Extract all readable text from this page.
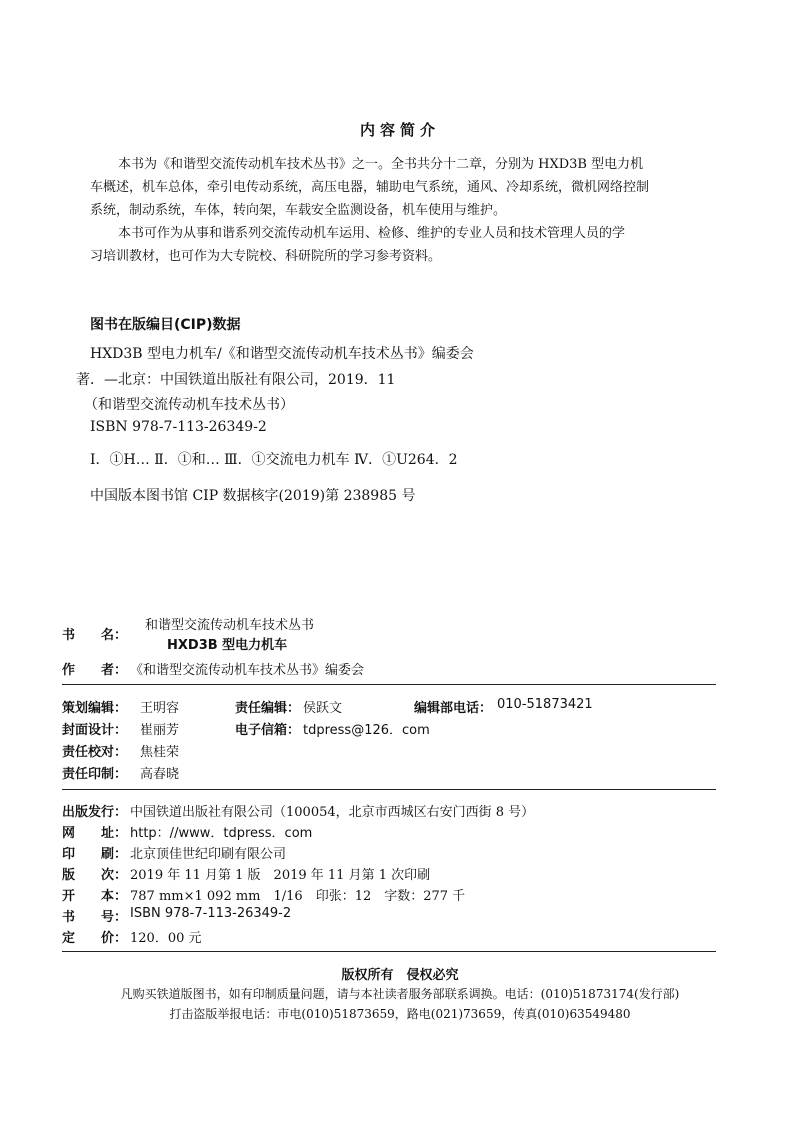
内容简介
本书为《和谐型交流传动机车技术丛书》之一。全书共分十二章，分别为 HXD3B 型电力机
车概述，机车总体，牵引电传动系统，高压电器，辅助电气系统，通风、冷却系统，微机网络控制
系统，制动系统，车体，转向架，车载安全监测设备，机车使用与维护。
本书可作为从事和谐系列交流传动机车运用、检修、维护的专业人员和技术管理人员的学
习培训教材，也可作为大专院校、科研院所的学习参考资料。
图书在版编目(CIP)数据
HXD3B 型电力机车/《和谐型交流传动机车技术丛书》编委会
著．—北京：中国铁道出版社有限公司，2019．11
（和谐型交流传动机车技术丛书）
ISBN 978-7-113-26349-2
Ⅰ．①H… Ⅱ．①和… Ⅲ．①交流电力机车 Ⅳ．①U264．2
中国版本图书馆 CIP 数据核字(2019)第 238985 号
书　　名：
和谐型交流传动机车技术丛书
HXD3B 型电力机车
作　　者： 《和谐型交流传动机车技术丛书》编委会
策划编辑： 王明容	责任编辑： 侯跃文	编辑部电话： 010-51873421
封面设计： 崔丽芳	电子信箱： tdpress@126．com
责任校对： 焦桂荣
责任印制： 高春晓
出版发行： 中国铁道出版社有限公司（100054，北京市西城区右安门西街 8 号）
网　　址： http：//www．tdpress．com
印　　刷： 北京顶佳世纪印刷有限公司
版　　次： 2019 年 11 月第 1 版　2019 年 11 月第 1 次印刷
开　　本： 787 mm×1 092 mm　1/16　印张：12　字数：277 千
书　　号： ISBN 978-7-113-26349-2
定　　价： 120．00 元
版权所有　侵权必究
凡购买铁道版图书，如有印制质量问题，请与本社读者服务部联系调换。电话：(010)51873174(发行部)
打击盗版举报电话：市电(010)51873659，路电(021)73659，传真(010)63549480
